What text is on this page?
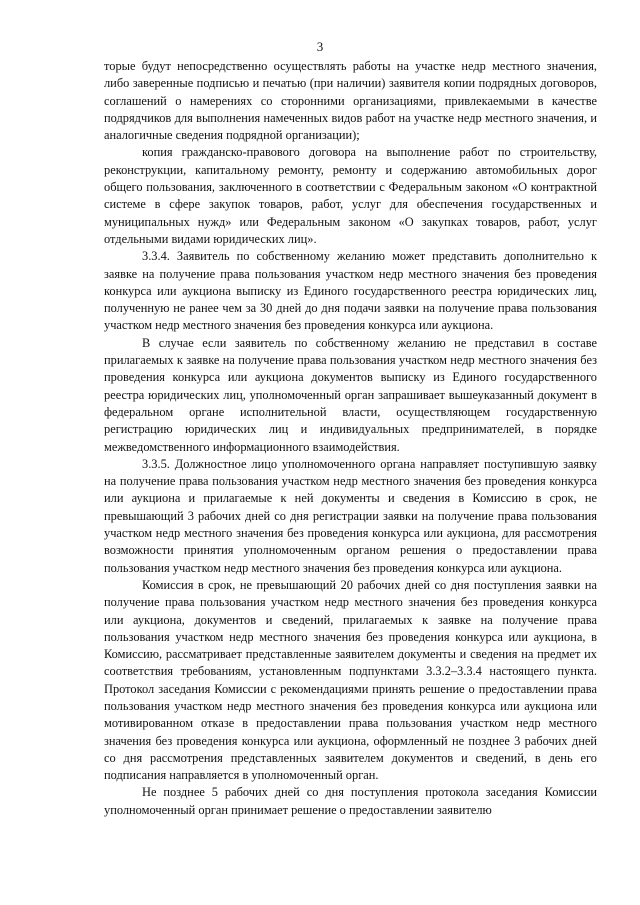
3

торые будут непосредственно осуществлять работы на участке недр местного значения, либо заверенные подписью и печатью (при наличии) заявителя копии подрядных договоров, соглашений о намерениях со сторонними организациями, привлекаемыми в качестве подрядчиков для выполнения намеченных видов работ на участке недр местного значения, и аналогичные сведения подрядной организации);

копия гражданско-правового договора на выполнение работ по строительству, реконструкции, капитальному ремонту, ремонту и содержанию автомобильных дорог общего пользования, заключенного в соответствии с Федеральным законом «О контрактной системе в сфере закупок товаров, работ, услуг для обеспечения государственных и муниципальных нужд» или Федеральным законом «О закупках товаров, работ, услуг отдельными видами юридических лиц».

3.3.4. Заявитель по собственному желанию может представить дополнительно к заявке на получение права пользования участком недр местного значения без проведения конкурса или аукциона выписку из Единого государственного реестра юридических лиц, полученную не ранее чем за 30 дней до дня подачи заявки на получение права пользования участком недр местного значения без проведения конкурса или аукциона.

В случае если заявитель по собственному желанию не представил в составе прилагаемых к заявке на получение права пользования участком недр местного значения без проведения конкурса или аукциона документов выписку из Единого государственного реестра юридических лиц, уполномоченный орган запрашивает вышеуказанный документ в федеральном органе исполнительной власти, осуществляющем государственную регистрацию юридических лиц и индивидуальных предпринимателей, в порядке межведомственного информационного взаимодействия.

3.3.5. Должностное лицо уполномоченного органа направляет поступившую заявку на получение права пользования участком недр местного значения без проведения конкурса или аукциона и прилагаемые к ней документы и сведения в Комиссию в срок, не превышающий 3 рабочих дней со дня регистрации заявки на получение права пользования участком недр местного значения без проведения конкурса или аукциона, для рассмотрения возможности принятия уполномоченным органом решения о предоставлении права пользования участком недр местного значения без проведения конкурса или аукциона.

Комиссия в срок, не превышающий 20 рабочих дней со дня поступления заявки на получение права пользования участком недр местного значения без проведения конкурса или аукциона, документов и сведений, прилагаемых к заявке на получение права пользования участком недр местного значения без проведения конкурса или аукциона, в Комиссию, рассматривает представленные заявителем документы и сведения на предмет их соответствия требованиям, установленным подпунктами 3.3.2–3.3.4 настоящего пункта. Протокол заседания Комиссии с рекомендациями принять решение о предоставлении права пользования участком недр местного значения без проведения конкурса или аукциона или мотивированном отказе в предоставлении права пользования участком недр местного значения без проведения конкурса или аукциона, оформленный не позднее 3 рабочих дней со дня рассмотрения представленных заявителем документов и сведений, в день его подписания направляется в уполномоченный орган.

Не позднее 5 рабочих дней со дня поступления протокола заседания Комиссии уполномоченный орган принимает решение о предоставлении заявителю
